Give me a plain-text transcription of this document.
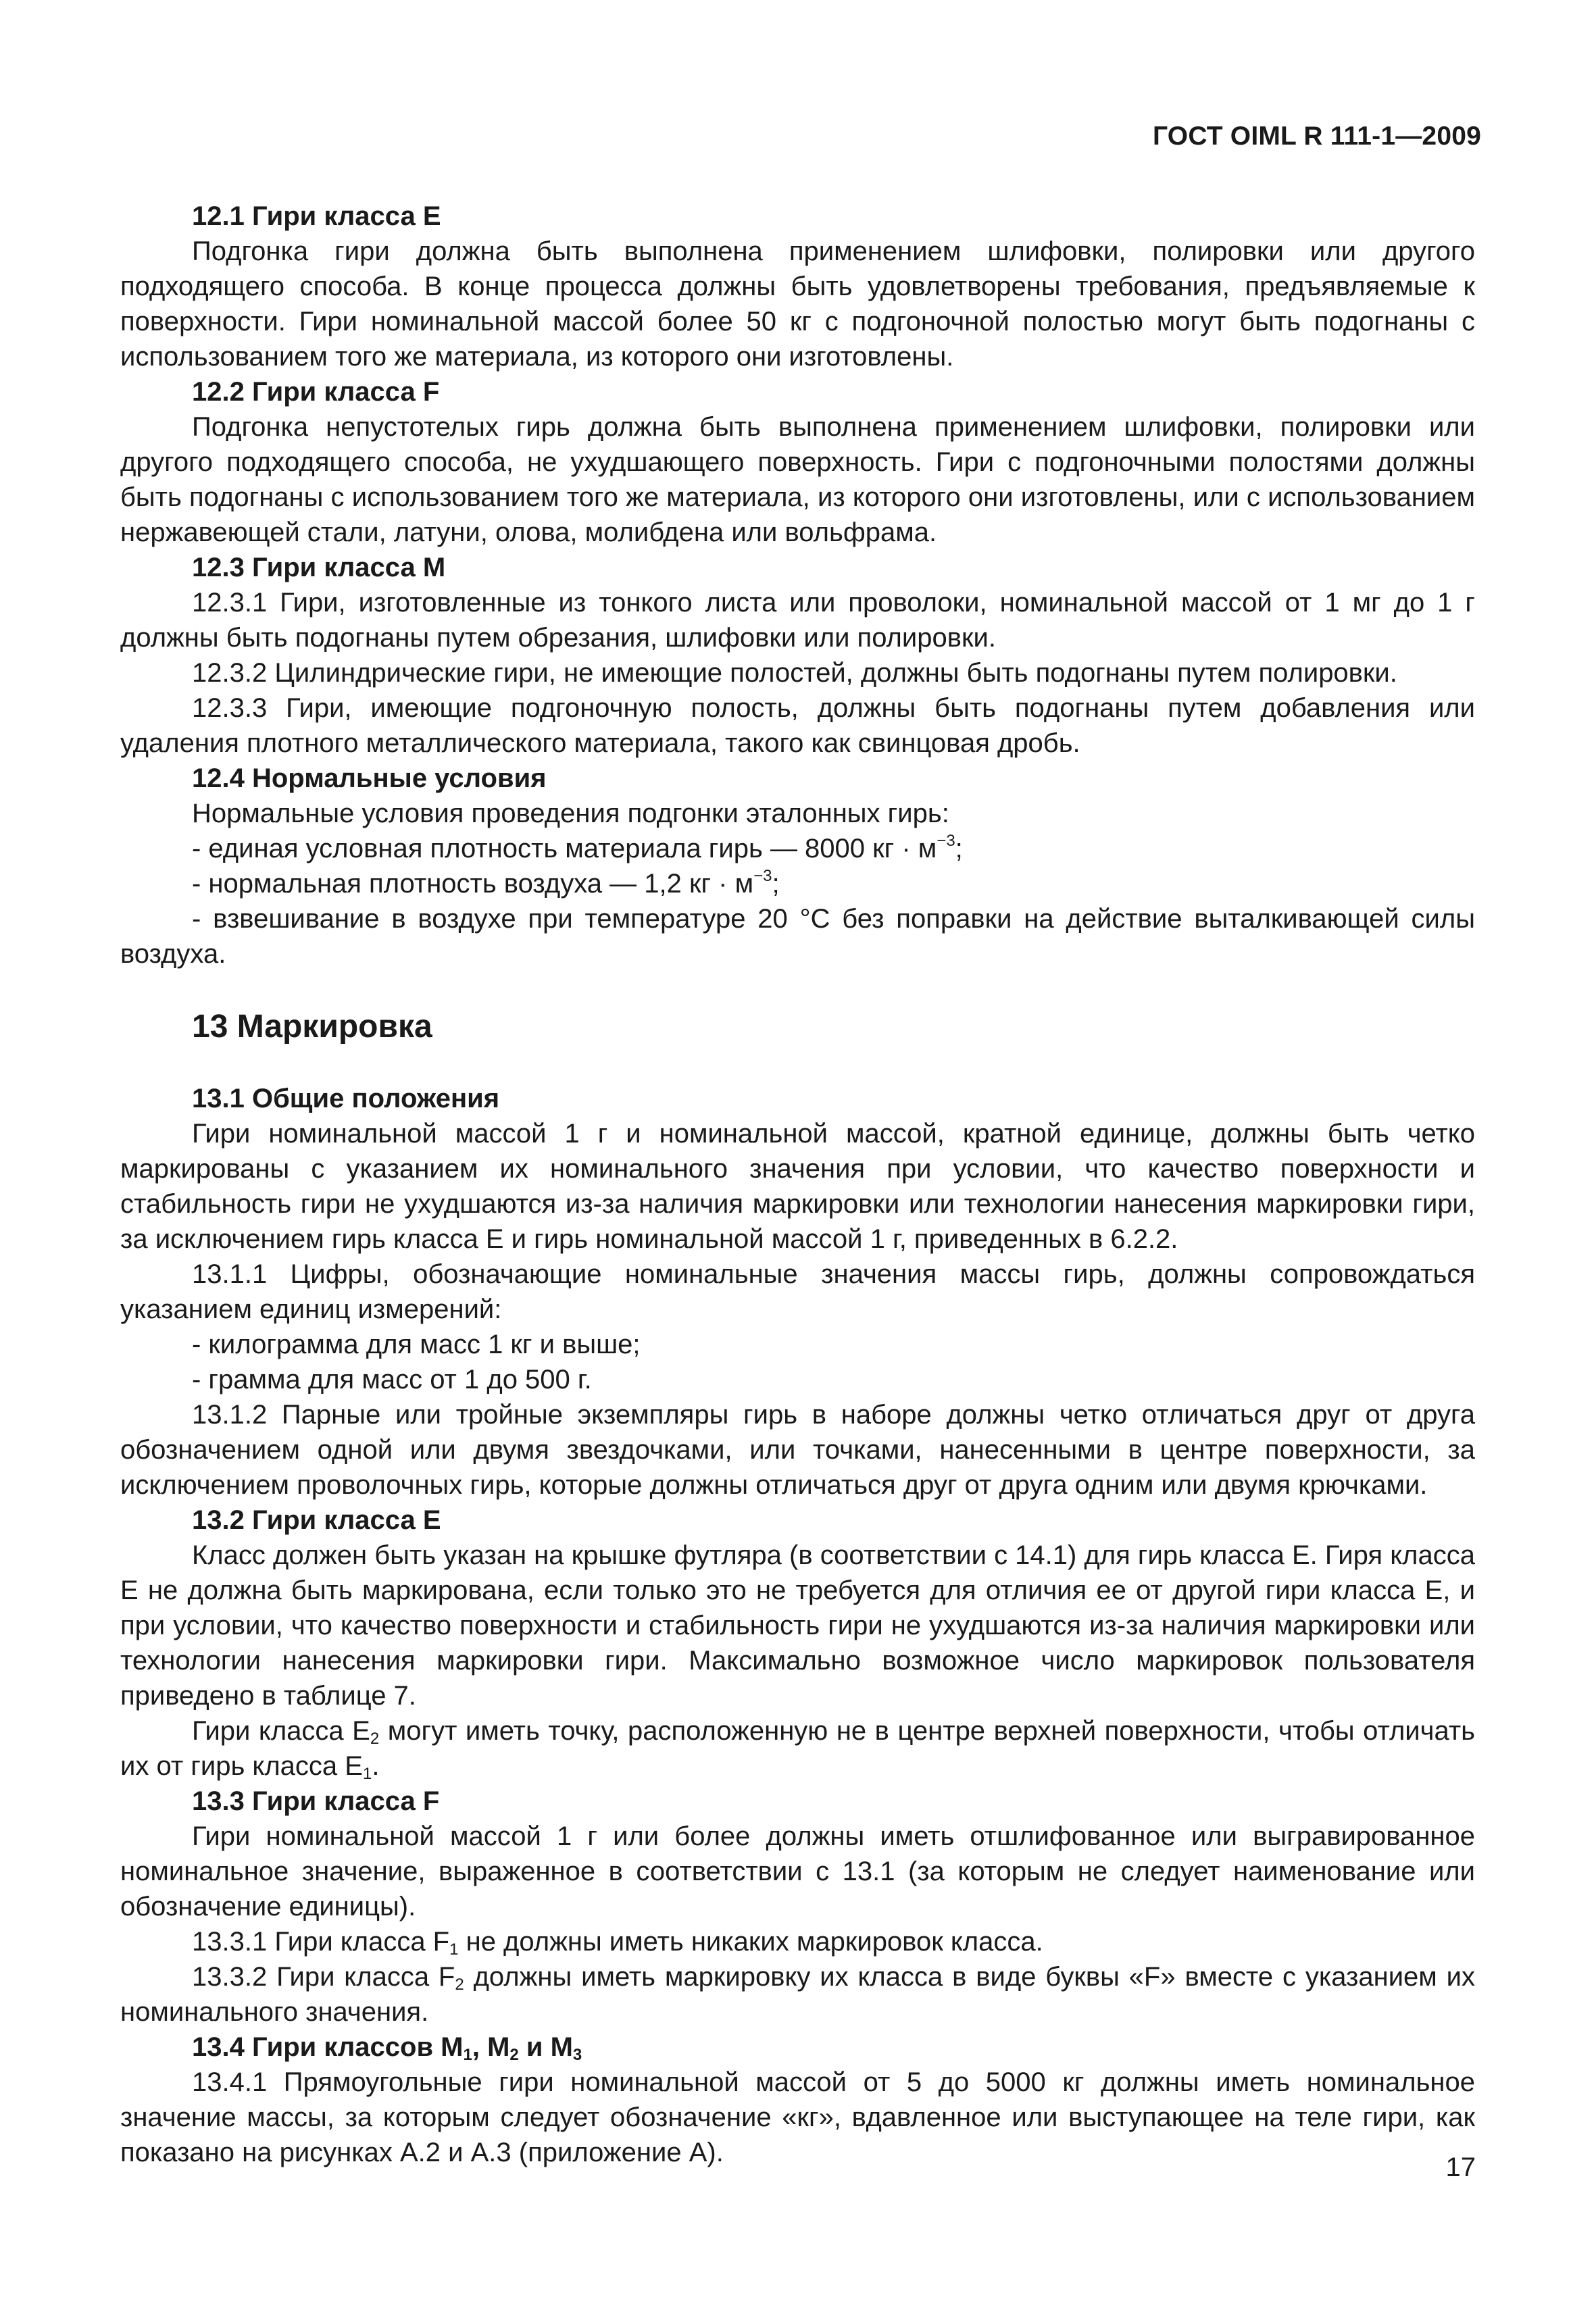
ГОСТ OIML R 111-1—2009

12.1 Гири класса Е

Подгонка гири должна быть выполнена применением шлифовки, полировки или другого подходящего способа. В конце процесса должны быть удовлетворены требования, предъявляемые к поверхности. Гири номинальной массой более 50 кг с подгоночной полостью могут быть подогнаны с использованием того же материала, из которого они изготовлены.

12.2 Гири класса F

Подгонка непустотелых гирь должна быть выполнена применением шлифовки, полировки или другого подходящего способа, не ухудшающего поверхность. Гири с подгоночными полостями должны быть подогнаны с использованием того же материала, из которого они изготовлены, или с использованием нержавеющей стали, латуни, олова, молибдена или вольфрама.

12.3 Гири класса М

12.3.1 Гири, изготовленные из тонкого листа или проволоки, номинальной массой от 1 мг до 1 г должны быть подогнаны путем обрезания, шлифовки или полировки.

12.3.2 Цилиндрические гири, не имеющие полостей, должны быть подогнаны путем полировки.

12.3.3 Гири, имеющие подгоночную полость, должны быть подогнаны путем добавления или удаления плотного металлического материала, такого как свинцовая дробь.

12.4 Нормальные условия

Нормальные условия проведения подгонки эталонных гирь:

- единая условная плотность материала гирь — 8000 кг · $м^{-3}$;

- нормальная плотность воздуха — 1,2 кг · $м^{-3}$;

- взвешивание в воздухе при температуре 20 °С без поправки на действие выталкивающей силы воздуха.

13 Маркировка

13.1 Общие положения

Гири номинальной массой 1 г и номинальной массой, кратной единице, должны быть четко маркированы с указанием их номинального значения при условии, что качество поверхности и стабильность гири не ухудшаются из-за наличия маркировки или технологии нанесения маркировки гири, за исключением гирь класса Е и гирь номинальной массой 1 г, приведенных в 6.2.2.

13.1.1 Цифры, обозначающие номинальные значения массы гирь, должны сопровождаться указанием единиц измерений:

- килограмма для масс 1 кг и выше;

- грамма для масс от 1 до 500 г.

13.1.2 Парные или тройные экземпляры гирь в наборе должны четко отличаться друг от друга обозначением одной или двумя звездочками, или точками, нанесенными в центре поверхности, за исключением проволочных гирь, которые должны отличаться друг от друга одним или двумя крючками.

13.2 Гири класса Е

Класс должен быть указан на крышке футляра (в соответствии с 14.1) для гирь класса Е. Гиря класса Е не должна быть маркирована, если только это не требуется для отличия ее от другой гири класса Е, и при условии, что качество поверхности и стабильность гири не ухудшаются из-за наличия маркировки или технологии нанесения маркировки гири. Максимально возможное число маркировок пользователя приведено в таблице 7.

Гири класса $Е_2$ могут иметь точку, расположенную не в центре верхней поверхности, чтобы отличать их от гирь класса $Е_1$.

13.3 Гири класса F

Гири номинальной массой 1 г или более должны иметь отшлифованное или выгравированное номинальное значение, выраженное в соответствии с 13.1 (за которым не следует наименование или обозначение единицы).

13.3.1 Гири класса $F_1$ не должны иметь никаких маркировок класса.

13.3.2 Гири класса $F_2$ должны иметь маркировку их класса в виде буквы «F» вместе с указанием их номинального значения.

13.4 Гири классов $М_1$, $М_2$ и $М_3$

13.4.1 Прямоугольные гири номинальной массой от 5 до 5000 кг должны иметь номинальное значение массы, за которым следует обозначение «кг», вдавленное или выступающее на теле гири, как показано на рисунках А.2 и А.3 (приложение А).	17
